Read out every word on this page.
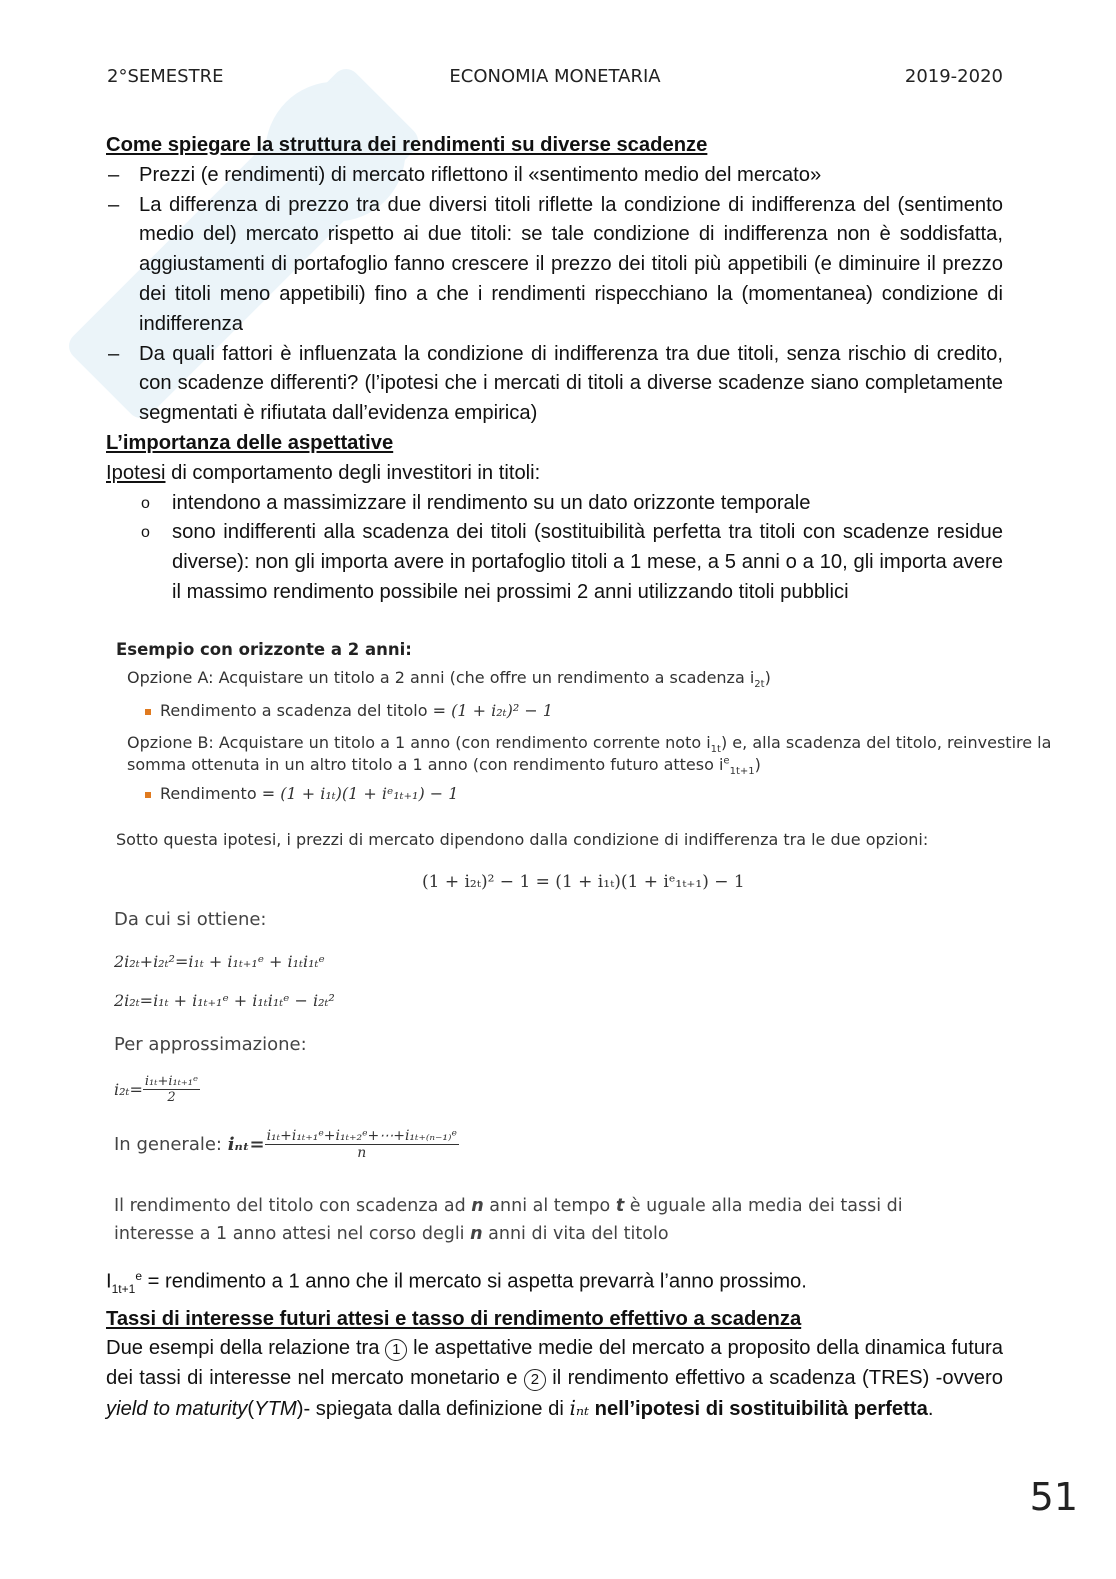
2°SEMESTRE	ECONOMIA MONETARIA	2019-2020

Come spiegare la struttura dei rendimenti su diverse scadenze

– Prezzi (e rendimenti) di mercato riflettono il «sentimento medio del mercato»
– La differenza di prezzo tra due diversi titoli riflette la condizione di indifferenza del (sentimento medio del) mercato rispetto ai due titoli: se tale condizione di indifferenza non è soddisfatta, aggiustamenti di portafoglio fanno crescere il prezzo dei titoli più appetibili (e diminuire il prezzo dei titoli meno appetibili) fino a che i rendimenti rispecchiano la (momentanea) condizione di indifferenza
– Da quali fattori è influenzata la condizione di indifferenza tra due titoli, senza rischio di credito, con scadenze differenti? (l’ipotesi che i mercati di titoli a diverse scadenze siano completamente segmentati è rifiutata dall’evidenza empirica)

L’importanza delle aspettative

Ipotesi di comportamento degli investitori in titoli:

o intendono a massimizzare il rendimento su un dato orizzonte temporale
o sono indifferenti alla scadenza dei titoli (sostituibilità perfetta tra titoli con scadenze residue diverse): non gli importa avere in portafoglio titoli a 1 mese, a 5 anni o a 10, gli importa avere il massimo rendimento possibile nei prossimi 2 anni utilizzando titoli pubblici
Esempio con orizzonte a 2 anni:
Opzione A: Acquistare un titolo a 2 anni (che offre un rendimento a scadenza $i_{2t}$)
Rendimento a scadenza del titolo = (1 + i₂ₜ)² − 1
Opzione B: Acquistare un titolo a 1 anno (con rendimento corrente noto $i_{1t}$) e, alla scadenza del titolo, reinvestire la
somma ottenuta in un altro titolo a 1 anno (con rendimento futuro atteso $i^e_{1t+1}$)
Rendimento = (1 + i₁ₜ)(1 + iᵉ₁ₜ₊₁) − 1
Sotto questa ipotesi, i prezzi di mercato dipendono dalla condizione di indifferenza tra le due opzioni:
(1 + i₂ₜ)² − 1 = (1 + i₁ₜ)(1 + iᵉ₁ₜ₊₁) − 1
Da cui si ottiene:
2i₂ₜ+i₂ₜ²=i₁ₜ + i₁ₜ₊₁ᵉ + i₁ₜi₁ₜᵉ
2i₂ₜ=i₁ₜ + i₁ₜ₊₁ᵉ + i₁ₜi₁ₜᵉ − i₂ₜ²
Per approssimazione:
$i_{2t}= \frac{\text{i₁ₜ+i₁ₜ₊₁ᵉ}}{2}$
In generale: $i_{nt}= \frac{\text{i₁ₜ+i₁ₜ₊₁ᵉ+i₁ₜ₊₂ᵉ+⋯+i₁ₜ₊₍ₙ₋₁₎ᵉ}}{n}$
Il rendimento del titolo con scadenza ad n anni al tempo t è uguale alla media dei tassi di
interesse a 1 anno attesi nel corso degli n anni di vita del titolo

$I_{1t+1}^e$ = rendimento a 1 anno che il mercato si aspetta prevarrà l’anno prossimo.

Tassi di interesse futuri attesi e tasso di rendimento effettivo a scadenza

Due esempi della relazione tra 1 le aspettative medie del mercato a proposito della dinamica futura dei tassi di interesse nel mercato monetario e 2 il rendimento effettivo a scadenza (TRES) -ovvero yield to maturity(YTM)- spiegata dalla definizione di iₙₜ nell’ipotesi di sostituibilità perfetta.

51
